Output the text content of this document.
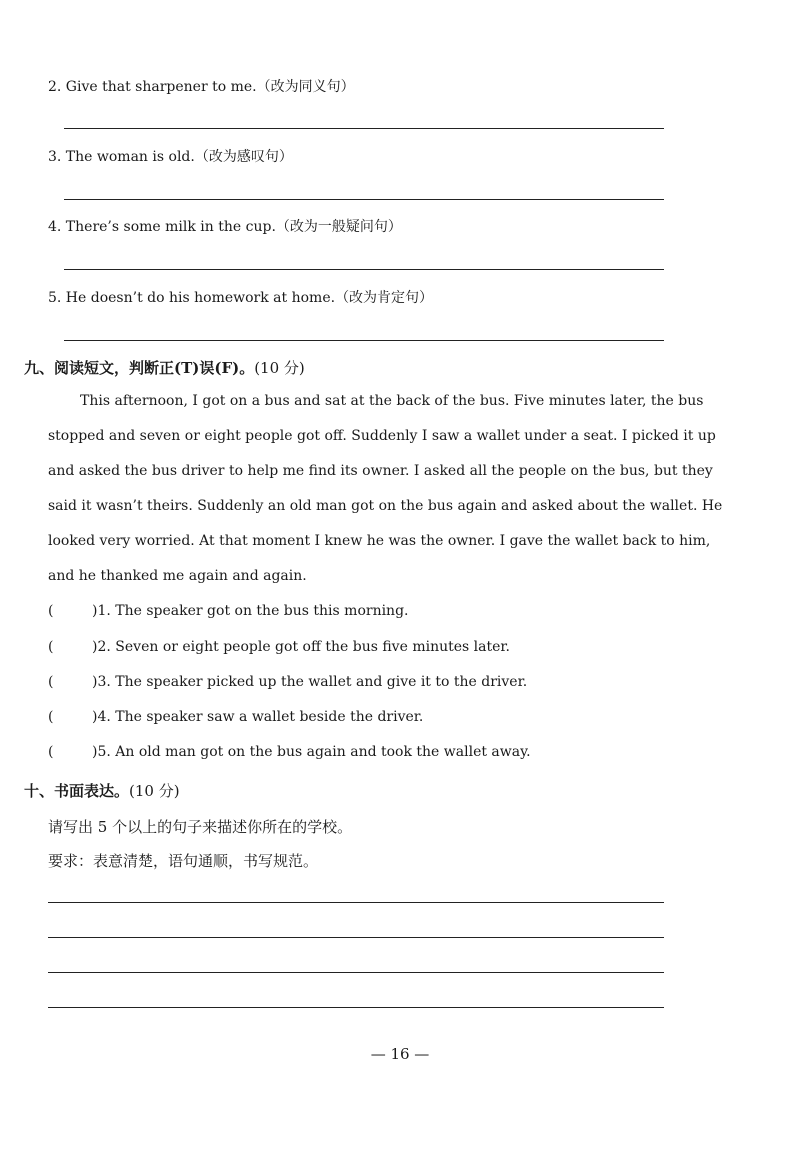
2. Give that sharpener to me.（改为同义句）
3. The woman is old.（改为感叹句）
4. There’s some milk in the cup.（改为一般疑问句）
5. He doesn’t do his homework at home.（改为肯定句）
九、阅读短文，判断正(T)误(F)。(10 分)
This afternoon, I got on a bus and sat at the back of the bus. Five minutes later, the bus
stopped and seven or eight people got off. Suddenly I saw a wallet under a seat. I picked it up
and asked the bus driver to help me find its owner. I asked all the people on the bus, but they
said it wasn’t theirs. Suddenly an old man got on the bus again and asked about the wallet. He
looked very worried. At that moment I knew he was the owner. I gave the wallet back to him,
and he thanked me again and again.
(	)1. The speaker got on the bus this morning.
(	)2. Seven or eight people got off the bus five minutes later.
(	)3. The speaker picked up the wallet and give it to the driver.
(	)4. The speaker saw a wallet beside the driver.
(	)5. An old man got on the bus again and took the wallet away.
十、书面表达。(10 分)
请写出 5 个以上的句子来描述你所在的学校。
要求：表意清楚，语句通顺，书写规范。
— 16 —
